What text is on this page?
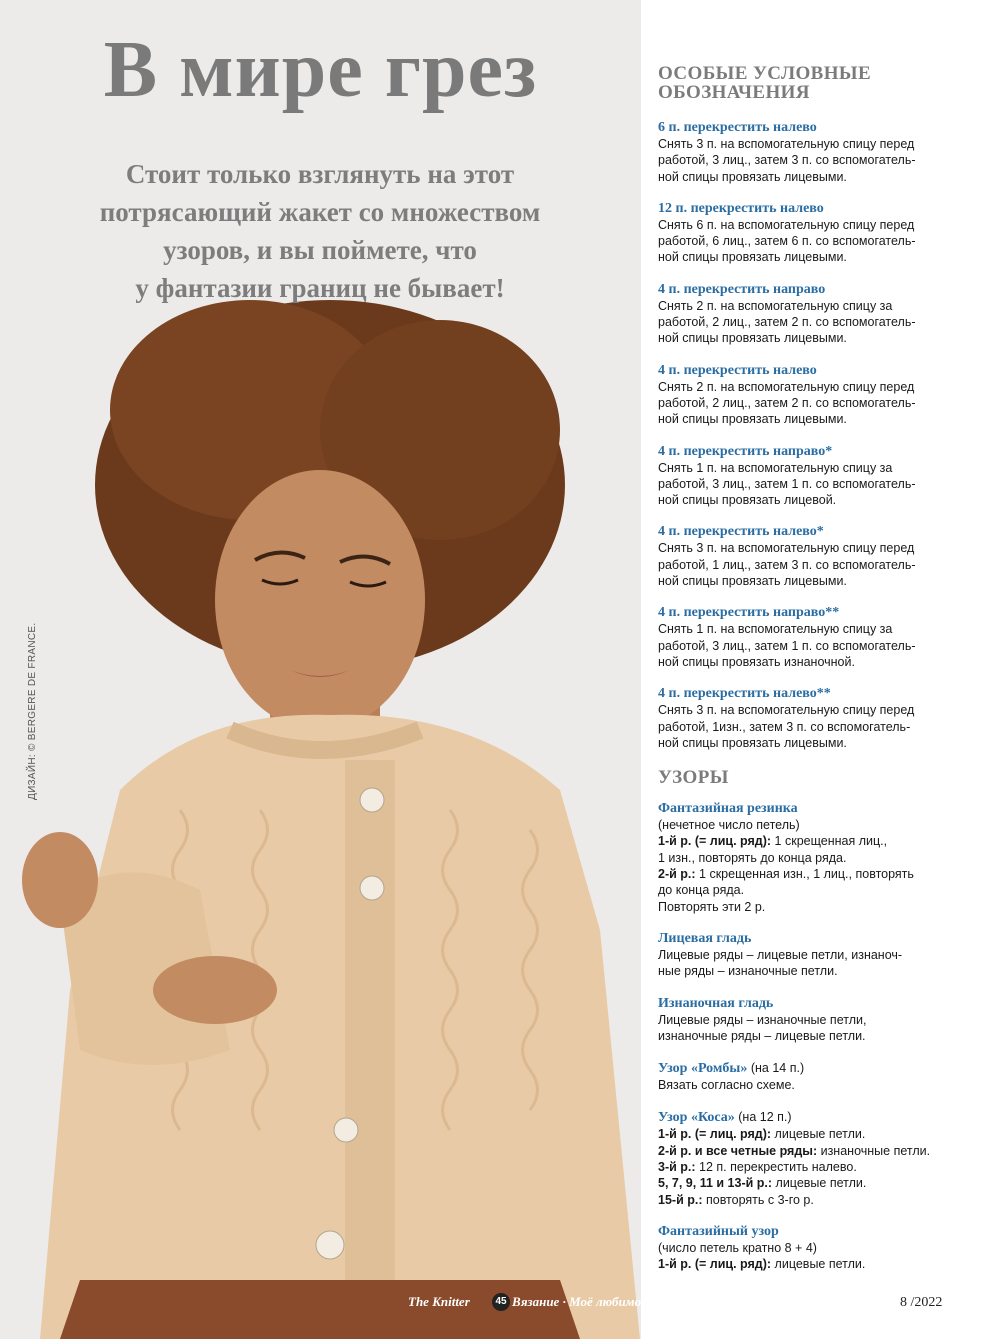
В мире грез
Стоит только взглянуть на этот
потрясающий жакет со множеством
узоров, и вы поймете, что
у фантазии границ не бывает!
ДИЗАЙН: © BERGERE DE FRANCE.
ОСОБЫЕ УСЛОВНЫЕ
ОБОЗНАЧЕНИЯ
6 п. перекрестить налево
Снять 3 п. на вспомогательную спицу перед
работой, 3 лиц., затем 3 п. со вспомогатель-
ной спицы провязать лицевыми.
12 п. перекрестить налево
Снять 6 п. на вспомогательную спицу перед
работой, 6 лиц., затем 6 п. со вспомогатель-
ной спицы провязать лицевыми.
4 п. перекрестить направо
Снять 2 п. на вспомогательную спицу за
работой, 2 лиц., затем 2 п. со вспомогатель-
ной спицы провязать лицевыми.
4 п. перекрестить налево
Снять 2 п. на вспомогательную спицу перед
работой, 2 лиц., затем 2 п. со вспомогатель-
ной спицы провязать лицевыми.
4 п. перекрестить направо*
Снять 1 п. на вспомогательную спицу за
работой, 3 лиц., затем 1 п. со вспомогатель-
ной спицы провязать лицевой.
4 п. перекрестить налево*
Снять 3 п. на вспомогательную спицу перед
работой, 1 лиц., затем 3 п. со вспомогатель-
ной спицы провязать лицевыми.
4 п. перекрестить направо**
Снять 1 п. на вспомогательную спицу за
работой, 3 лиц., затем 1 п. со вспомогатель-
ной спицы провязать изнаночной.
4 п. перекрестить налево**
Снять 3 п. на вспомогательную спицу перед
работой, 1изн., затем 3 п. со вспомогатель-
ной спицы провязать лицевыми.
УЗОРЫ
Фантазийная резинка
(нечетное число петель)
1-й р. (= лиц. ряд): 1 скрещенная лиц.,
1 изн., повторять до конца ряда.
2-й р.: 1 скрещенная изн., 1 лиц., повторять
до конца ряда.
Повторять эти 2 р.
Лицевая гладь
Лицевые ряды – лицевые петли, изнаноч-
ные ряды – изнаночные петли.
Изнаночная гладь
Лицевые ряды – изнаночные петли,
изнаночные ряды – лицевые петли.
Узор «Ромбы» (на 14 п.)
Вязать согласно схеме.
Узор «Коса» (на 12 п.)
1-й р. (= лиц. ряд): лицевые петли.
2-й р. и все четные ряды: изнаночные петли.
3-й р.: 12 п. перекрестить налево.
5, 7, 9, 11 и 13-й р.: лицевые петли.
15-й р.: повторять с 3-го р.
Фантазийный узор
(число петель кратно 8 + 4)
1-й р. (= лиц. ряд): лицевые петли.
The Knitter	45 Вязание · Моё любимое хобби	8 /2022
